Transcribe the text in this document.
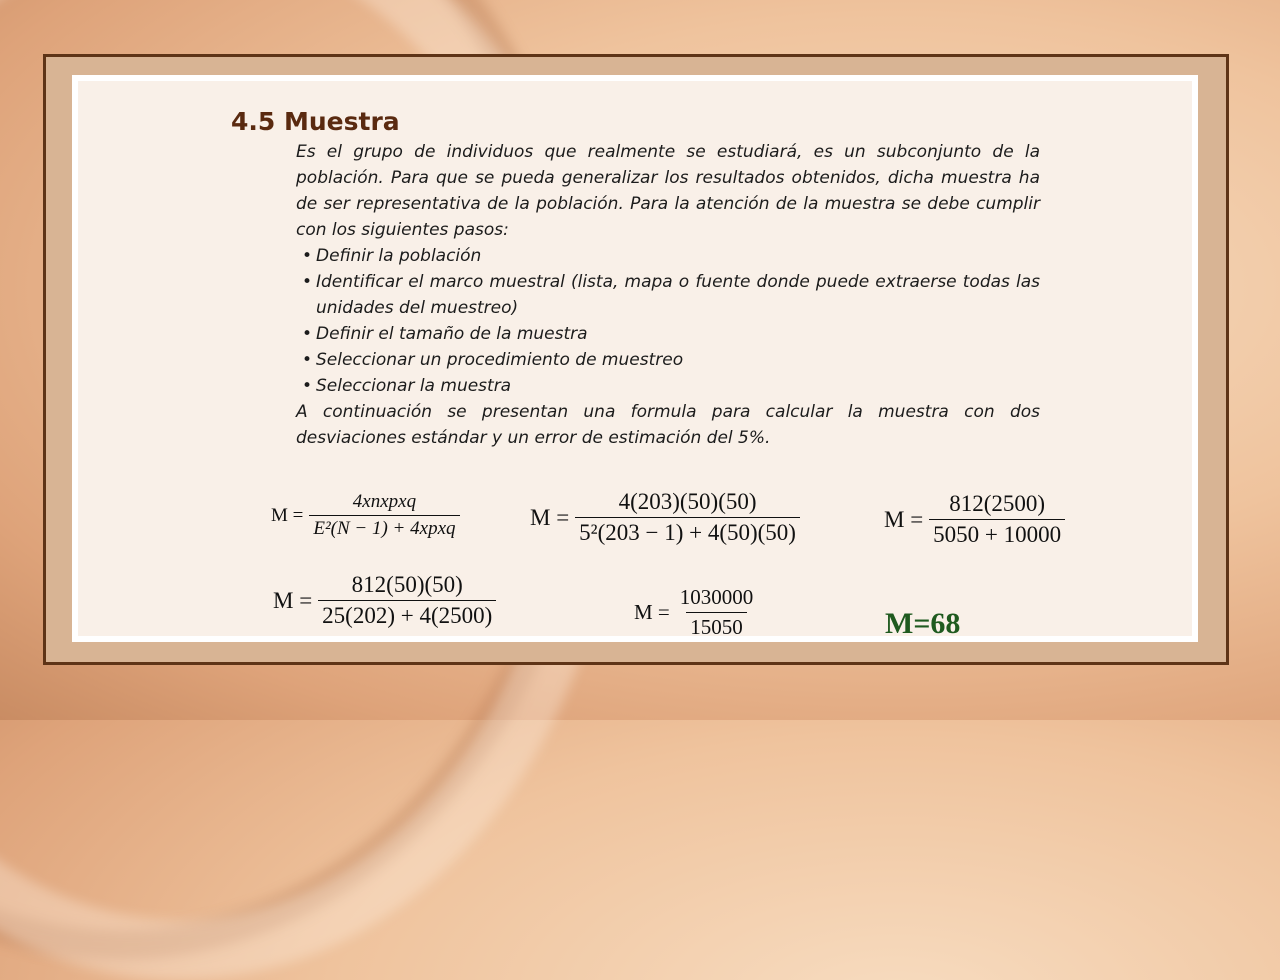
4.5 Muestra

Es el grupo de individuos que realmente se estudiará, es un subconjunto de la población. Para que se pueda generalizar los resultados obtenidos, dicha muestra ha de ser representativa de la población. Para la atención de la muestra se debe cumplir con los siguientes pasos:

• Definir la población
• Identificar el marco muestral (lista, mapa o fuente donde puede extraerse todas las unidades del muestreo)
• Definir el tamaño de la muestra
• Seleccionar un procedimiento de muestreo
• Seleccionar la muestra

A continuación se presentan una formula para calcular la muestra con dos desviaciones estándar y un error de estimación del 5%.

$M = \frac{\text{4xnxpxq}}{\text{E²(N − 1) + 4xpxq}}$	$M = \frac{4(203)(50)(50)}{\text{5²(203 − 1) + 4(50)(50)}}$	$M = \frac{812(2500)}{5050 + 10000}$
$M = \frac{812(50)(50)}{25(202) + 4(2500)}$	$M = \frac{1030000}{15050}$	M=68
